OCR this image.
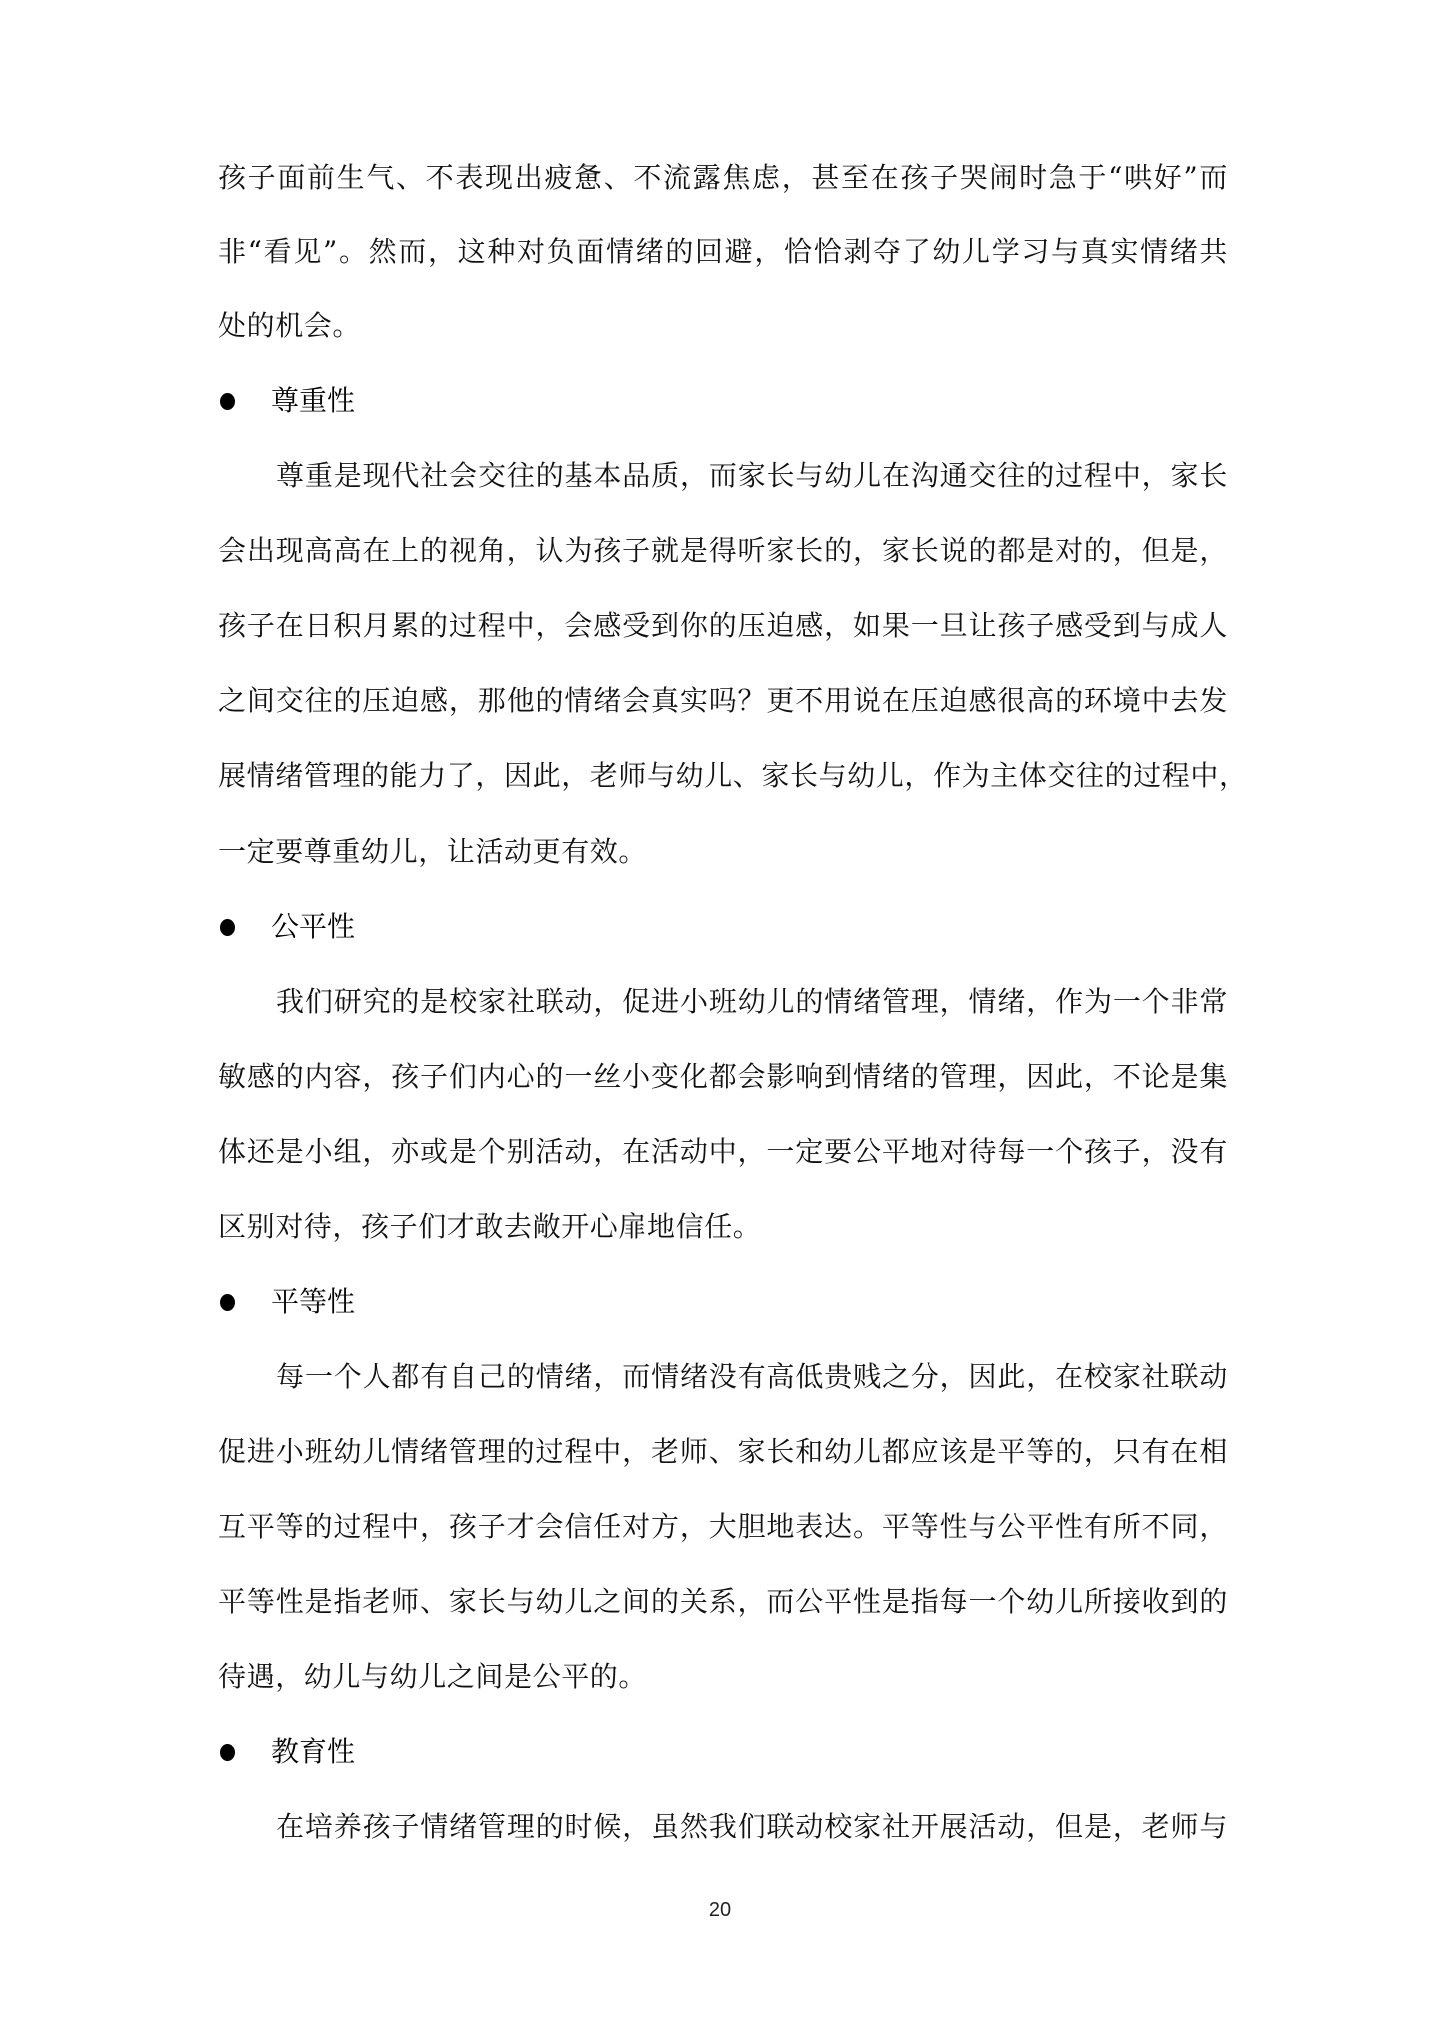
孩子面前生气、不表现出疲惫、不流露焦虑，甚至在孩子哭闹时急于“哄好”而
非“看见”。然而，这种对负面情绪的回避，恰恰剥夺了幼儿学习与真实情绪共
处的机会。
尊重性
尊重是现代社会交往的基本品质，而家长与幼儿在沟通交往的过程中，家长
会出现高高在上的视角，认为孩子就是得听家长的，家长说的都是对的，但是，
孩子在日积月累的过程中，会感受到你的压迫感，如果一旦让孩子感受到与成人
之间交往的压迫感，那他的情绪会真实吗？更不用说在压迫感很高的环境中去发
展情绪管理的能力了，因此，老师与幼儿、家长与幼儿，作为主体交往的过程中，
一定要尊重幼儿，让活动更有效。
公平性
我们研究的是校家社联动，促进小班幼儿的情绪管理，情绪，作为一个非常
敏感的内容，孩子们内心的一丝小变化都会影响到情绪的管理，因此，不论是集
体还是小组，亦或是个别活动，在活动中，一定要公平地对待每一个孩子，没有
区别对待，孩子们才敢去敞开心扉地信任。
平等性
每一个人都有自己的情绪，而情绪没有高低贵贱之分，因此，在校家社联动
促进小班幼儿情绪管理的过程中，老师、家长和幼儿都应该是平等的，只有在相
互平等的过程中，孩子才会信任对方，大胆地表达。平等性与公平性有所不同，
平等性是指老师、家长与幼儿之间的关系，而公平性是指每一个幼儿所接收到的
待遇，幼儿与幼儿之间是公平的。
教育性
在培养孩子情绪管理的时候，虽然我们联动校家社开展活动，但是，老师与
20
